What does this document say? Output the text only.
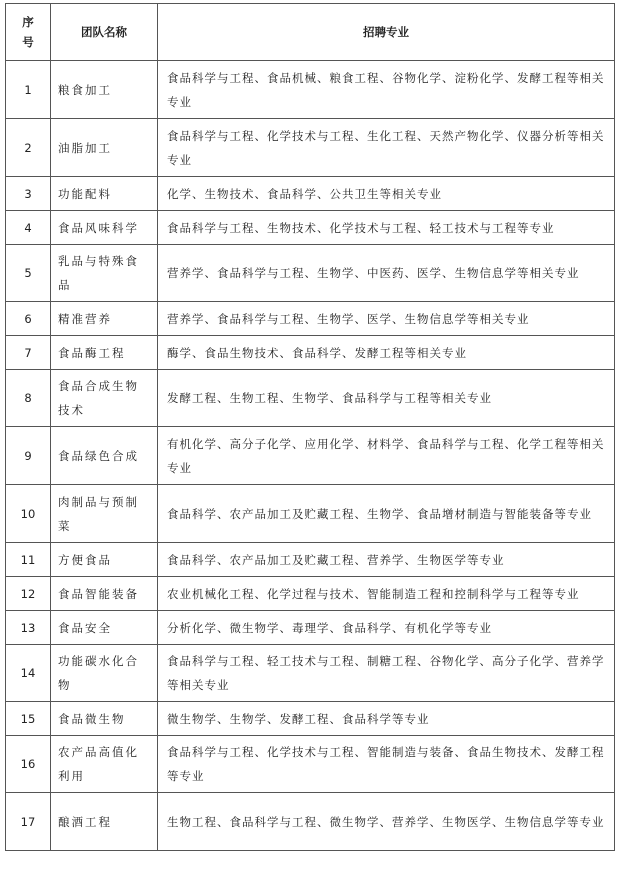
序
号	团队名称	招聘专业
1	粮食加工	食品科学与工程、食品机械、粮食工程、谷物化学、淀粉化学、发酵工程等相关专业
2	油脂加工	食品科学与工程、化学技术与工程、生化工程、天然产物化学、仪器分析等相关专业
3	功能配料	化学、生物技术、食品科学、公共卫生等相关专业
4	食品风味科学	食品科学与工程、生物技术、化学技术与工程、轻工技术与工程等专业
5	乳品与特殊食品	营养学、食品科学与工程、生物学、中医药、医学、生物信息学等相关专业
6	精准营养	营养学、食品科学与工程、生物学、医学、生物信息学等相关专业
7	食品酶工程	酶学、食品生物技术、食品科学、发酵工程等相关专业
8	食品合成生物技术	发酵工程、生物工程、生物学、食品科学与工程等相关专业
9	食品绿色合成	有机化学、高分子化学、应用化学、材料学、食品科学与工程、化学工程等相关专业
10	肉制品与预制菜	食品科学、农产品加工及贮藏工程、生物学、食品增材制造与智能装备等专业
11	方便食品	食品科学、农产品加工及贮藏工程、营养学、生物医学等专业
12	食品智能装备	农业机械化工程、化学过程与技术、智能制造工程和控制科学与工程等专业
13	食品安全	分析化学、微生物学、毒理学、食品科学、有机化学等专业
14	功能碳水化合物	食品科学与工程、轻工技术与工程、制糖工程、谷物化学、高分子化学、营养学等相关专业
15	食品微生物	微生物学、生物学、发酵工程、食品科学等专业
16	农产品高值化利用	食品科学与工程、化学技术与工程、智能制造与装备、食品生物技术、发酵工程等专业
17	酿酒工程	生物工程、食品科学与工程、微生物学、营养学、生物医学、生物信息学等专业
